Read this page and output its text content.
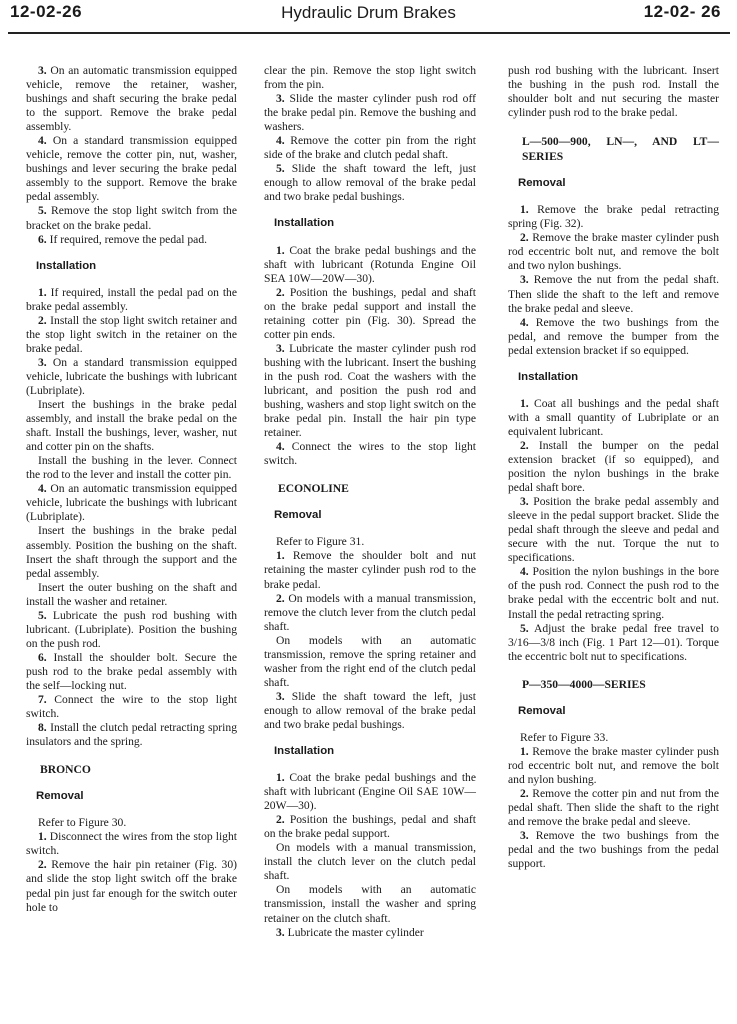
12-02-26	Hydraulic Drum Brakes	12-02- 26

3. On an automatic transmission equipped vehicle, remove the retainer, washer, bushings and shaft securing the brake pedal to the support. Remove the brake pedal assembly.

4. On a standard transmission equipped vehicle, remove the cotter pin, nut, washer, bushings and lever securing the brake pedal assembly to the support. Remove the brake pedal assembly.

5. Remove the stop light switch from the bracket on the brake pedal.

6. If required, remove the pedal pad.

Installation

1. If required, install the pedal pad on the brake pedal assembly.

2. Install the stop light switch retainer and the stop light switch in the retainer on the brake pedal.

3. On a standard transmission equipped vehicle, lubricate the bushings with lubricant (Lubriplate).

Insert the bushings in the brake pedal assembly, and install the brake pedal on the shaft. Install the bushings, lever, washer, nut and cotter pin on the shafts.

Install the bushing in the lever. Connect the rod to the lever and install the cotter pin.

4. On an automatic transmission equipped vehicle, lubricate the bushings with lubricant (Lubriplate).

Insert the bushings in the brake pedal assembly. Position the bushing on the shaft. Insert the shaft through the support and the pedal assembly.

Insert the outer bushing on the shaft and install the washer and retainer.

5. Lubricate the push rod bushing with lubricant. (Lubriplate). Position the bushing on the push rod.

6. Install the shoulder bolt. Secure the push rod to the brake pedal assembly with the self—locking nut.

7. Connect the wire to the stop light switch.

8. Install the clutch pedal retracting spring insulators and the spring.

BRONCO

Removal

Refer to Figure 30.

1. Disconnect the wires from the stop light switch.

2. Remove the hair pin retainer (Fig. 30) and slide the stop light switch off the brake pedal pin just far enough for the switch outer hole to

clear the pin. Remove the stop light switch from the pin.

3. Slide the master cylinder push rod off the brake pedal pin. Remove the bushing and washers.

4. Remove the cotter pin from the right side of the brake and clutch pedal shaft.

5. Slide the shaft toward the left, just enough to allow removal of the brake pedal and two brake pedal bushings.

Installation

1. Coat the brake pedal bushings and the shaft with lubricant (Rotunda Engine Oil SEA 10W—20W—30).

2. Position the bushings, pedal and shaft on the brake pedal support and install the retaining cotter pin (Fig. 30). Spread the cotter pin ends.

3. Lubricate the master cylinder push rod bushing with the lubricant. Insert the bushing in the push rod. Coat the washers with the lubricant, and position the push rod and bushing, washers and stop light switch on the brake pedal pin. Install the hair pin type retainer.

4. Connect the wires to the stop light switch.

ECONOLINE

Removal

Refer to Figure 31.

1. Remove the shoulder bolt and nut retaining the master cylinder push rod to the brake pedal.

2. On models with a manual transmission, remove the clutch lever from the clutch pedal shaft.

On models with an automatic transmission, remove the spring retainer and washer from the right end of the clutch pedal shaft.

3. Slide the shaft toward the left, just enough to allow removal of the brake pedal and two brake pedal bushings.

Installation

1. Coat the brake pedal bushings and the shaft with lubricant (Engine Oil SAE 10W—20W—30).

2. Position the bushings, pedal and shaft on the brake pedal support.

On models with a manual transmission, install the clutch lever on the clutch pedal shaft.

On models with an automatic transmission, install the washer and spring retainer on the clutch shaft.

3. Lubricate the master cylinder

push rod bushing with the lubricant. Insert the bushing in the push rod. Install the shoulder bolt and nut securing the master cylinder push rod to the brake pedal.

L—500—900, LN—, AND LT—SERIES

Removal

1. Remove the brake pedal retracting spring (Fig. 32).

2. Remove the brake master cylinder push rod eccentric bolt nut, and remove the bolt and two nylon bushings.

3. Remove the nut from the pedal shaft. Then slide the shaft to the left and remove the brake pedal and sleeve.

4. Remove the two bushings from the pedal, and remove the bumper from the pedal extension bracket if so equipped.

Installation

1. Coat all bushings and the pedal shaft with a small quantity of Lubriplate or an equivalent lubricant.

2. Install the bumper on the pedal extension bracket (if so equipped), and position the nylon bushings in the brake pedal shaft bore.

3. Position the brake pedal assembly and sleeve in the pedal support bracket. Slide the pedal shaft through the sleeve and pedal and secure with the nut. Torque the nut to specifications.

4. Position the nylon bushings in the bore of the push rod. Connect the push rod to the brake pedal with the eccentric bolt and nut. Install the pedal retracting spring.

5. Adjust the brake pedal free travel to 3/16—3/8 inch (Fig. 1 Part 12—01). Torque the eccentric bolt nut to specifications.

P—350—4000—SERIES

Removal

Refer to Figure 33.

1. Remove the brake master cylinder push rod eccentric bolt nut, and remove the bolt and nylon bushing.

2. Remove the cotter pin and nut from the pedal shaft. Then slide the shaft to the right and remove the brake pedal and sleeve.

3. Remove the two bushings from the pedal and the two bushings from the pedal support.
